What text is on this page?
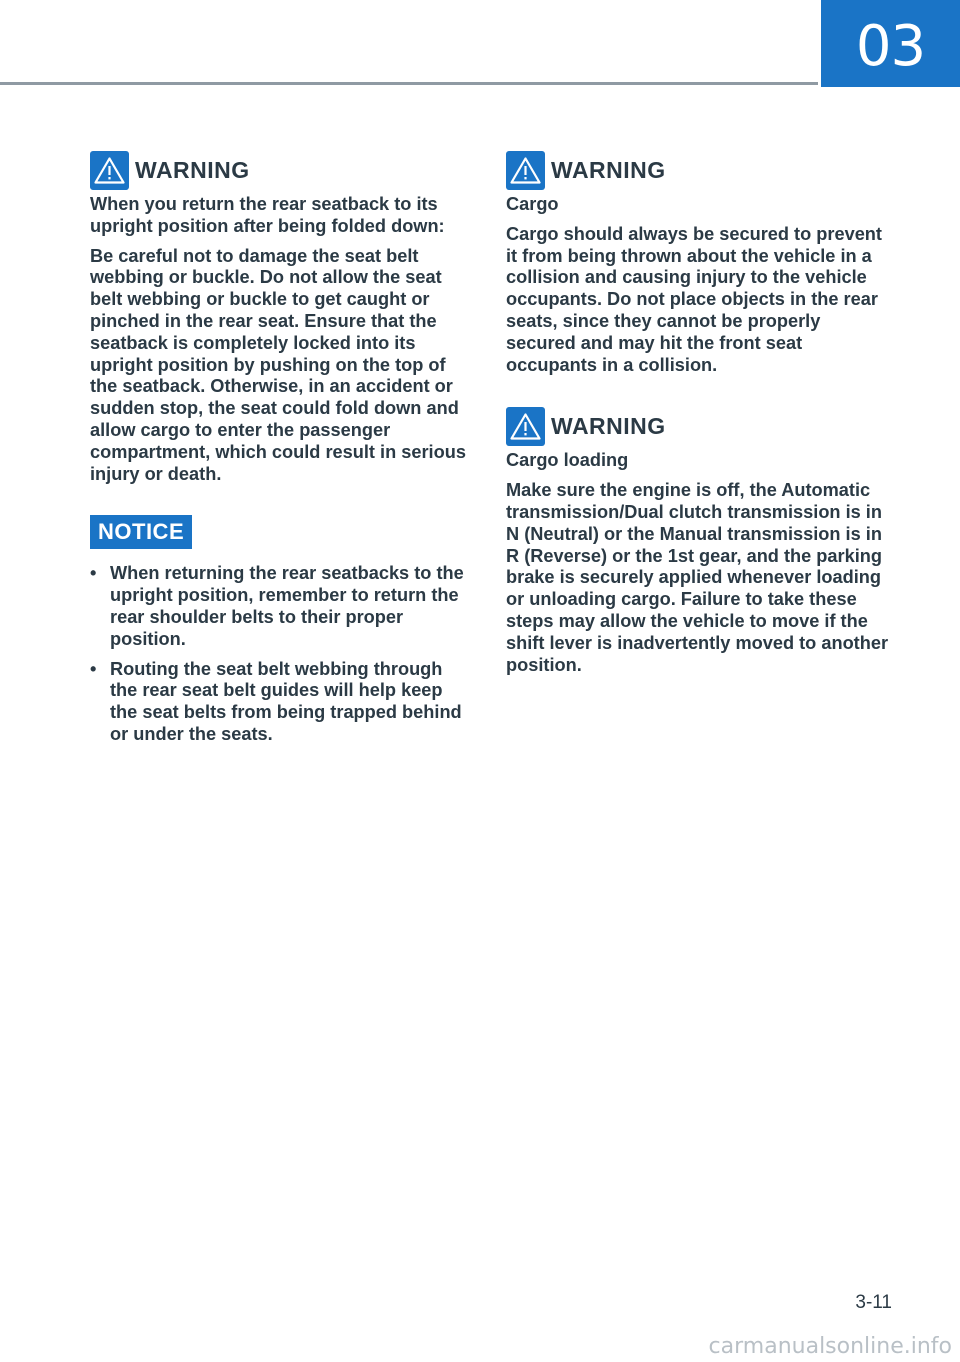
03
WARNING

When you return the rear seatback to its upright position after being folded down:

Be careful not to damage the seat belt webbing or buckle. Do not allow the seat belt webbing or buckle to get caught or pinched in the rear seat. Ensure that the seatback is completely locked into its upright position by pushing on the top of the seatback. Otherwise, in an accident or sudden stop, the seat could fold down and allow cargo to enter the passenger compartment, which could result in serious injury or death.

NOTICE
• When returning the rear seatbacks to the upright position, remember to return the rear shoulder belts to their proper position.
• Routing the seat belt webbing through the rear seat belt guides will help keep the seat belts from being trapped behind or under the seats.
WARNING

Cargo

Cargo should always be secured to prevent it from being thrown about the vehicle in a collision and causing injury to the vehicle occupants. Do not place objects in the rear seats, since they cannot be properly secured and may hit the front seat occupants in a collision.

WARNING

Cargo loading

Make sure the engine is off, the Automatic transmission/Dual clutch transmission is in N (Neutral) or the Manual transmission is in R (Reverse) or the 1st gear, and the parking brake is securely applied whenever loading or unloading cargo. Failure to take these steps may allow the vehicle to move if the shift lever is inadvertently moved to another position.

3-11
carmanualsonline.info
